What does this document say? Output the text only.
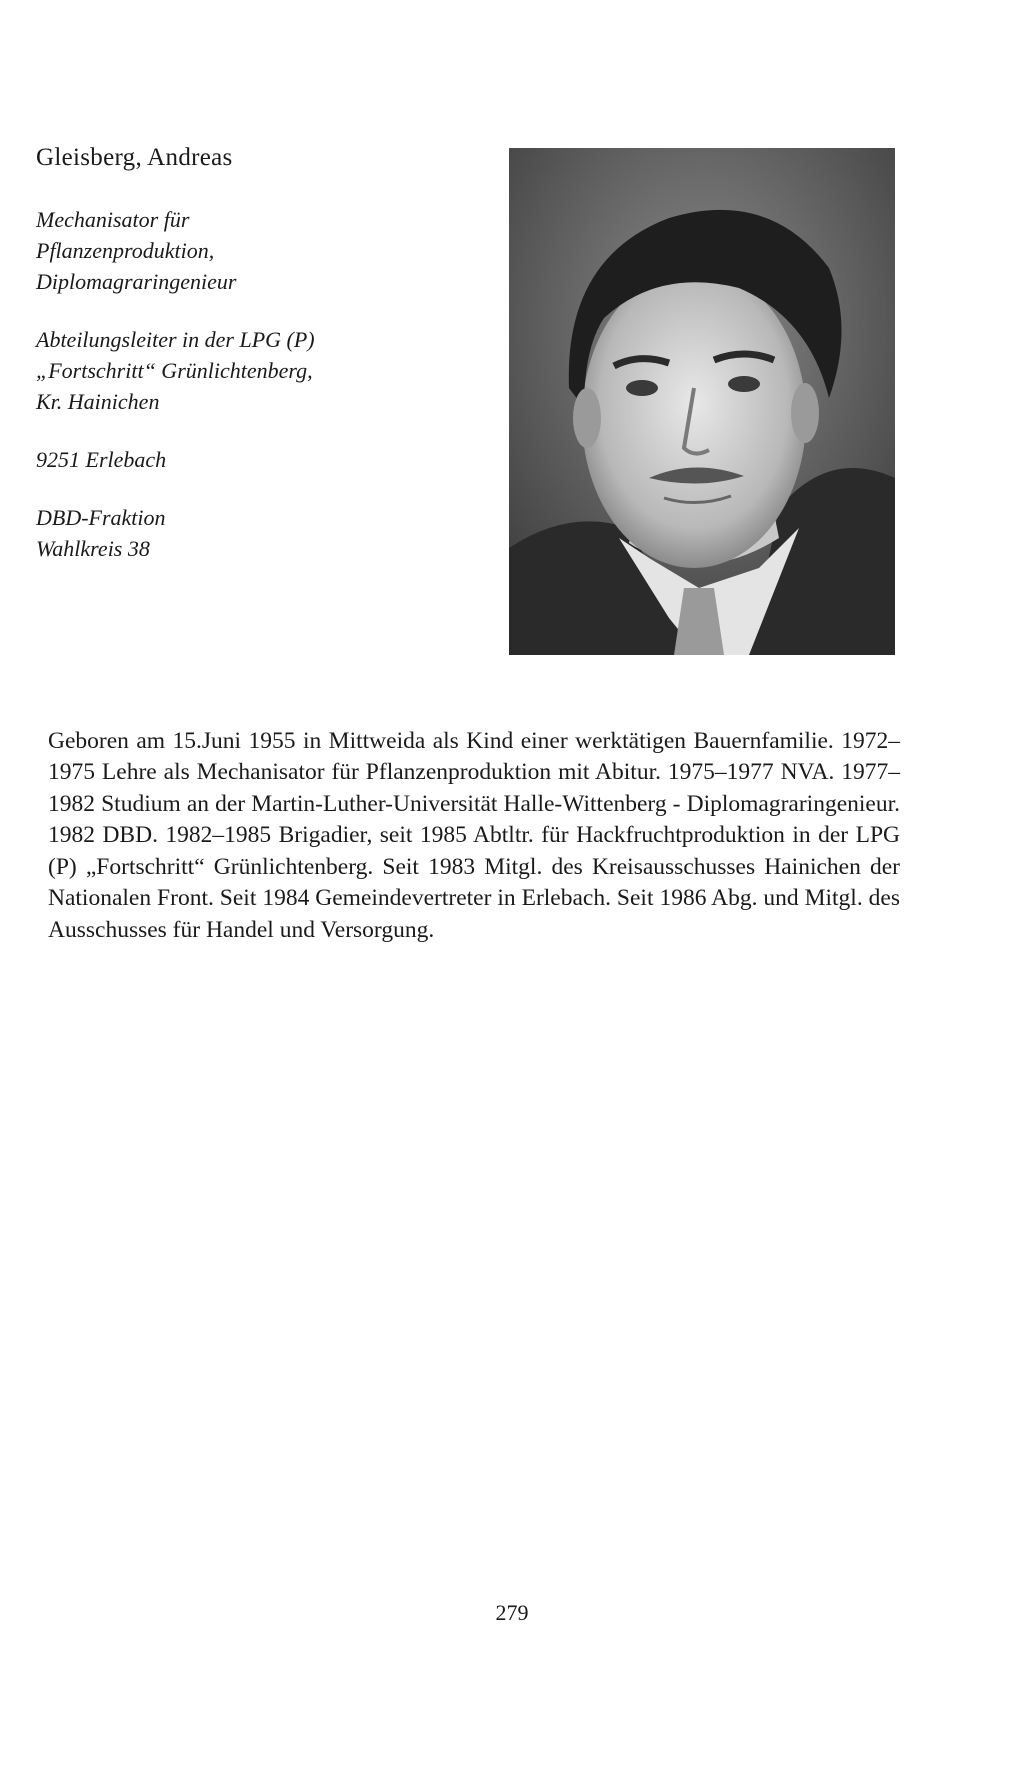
Gleisberg, Andreas
Mechanisator für
Pflanzenproduktion,
Diplomagraringenieur
Abteilungsleiter in der LPG (P)
„Fortschritt“ Grünlichtenberg,
Kr. Hainichen
9251 Erlebach
DBD-Fraktion
Wahlkreis 38

Geboren am 15.Juni 1955 in Mittweida als Kind einer werktätigen Bauernfamilie. 1972–1975 Lehre als Mechanisator für Pflanzenproduktion mit Abitur. 1975–1977 NVA. 1977–1982 Studium an der Martin-Luther-Universität Halle-Wittenberg - Diplomagraringenieur. 1982 DBD. 1982–1985 Brigadier, seit 1985 Abtltr. für Hackfruchtproduktion in der LPG (P) „Fortschritt“ Grünlichtenberg. Seit 1983 Mitgl. des Kreisausschusses Hainichen der Nationalen Front. Seit 1984 Gemeindevertreter in Erlebach. Seit 1986 Abg. und Mitgl. des Ausschusses für Handel und Versorgung.

279
